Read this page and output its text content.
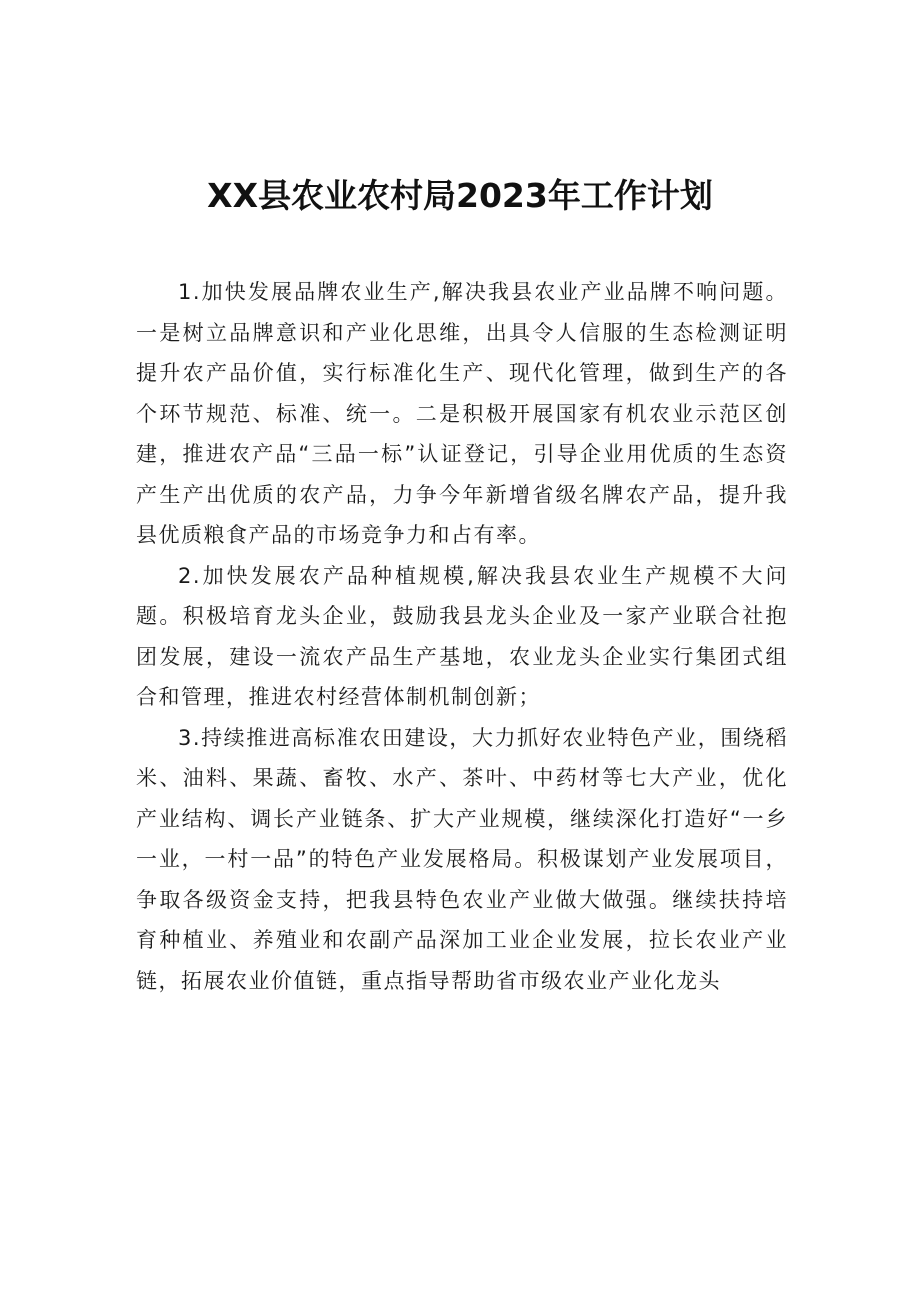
XX县农业农村局2023年工作计划

1.加快发展品牌农业生产,解决我县农业产业品牌不响问题。一是树立品牌意识和产业化思维，出具令人信服的生态检测证明提升农产品价值，实行标准化生产、现代化管理，做到生产的各个环节规范、标准、统一。二是积极开展国家有机农业示范区创建，推进农产品“三品一标”认证登记，引导企业用优质的生态资产生产出优质的农产品，力争今年新增省级名牌农产品，提升我县优质粮食产品的市场竞争力和占有率。

2.加快发展农产品种植规模,解决我县农业生产规模不大问题。积极培育龙头企业，鼓励我县龙头企业及一家产业联合社抱团发展，建设一流农产品生产基地，农业龙头企业实行集团式组合和管理，推进农村经营体制机制创新；

3.持续推进高标准农田建设，大力抓好农业特色产业，围绕稻米、油料、果蔬、畜牧、水产、茶叶、中药材等七大产业，优化产业结构、调长产业链条、扩大产业规模，继续深化打造好“一乡一业，一村一品”的特色产业发展格局。积极谋划产业发展项目，争取各级资金支持，把我县特色农业产业做大做强。继续扶持培育种植业、养殖业和农副产品深加工业企业发展，拉长农业产业链，拓展农业价值链，重点指导帮助省市级农业产业化龙头
